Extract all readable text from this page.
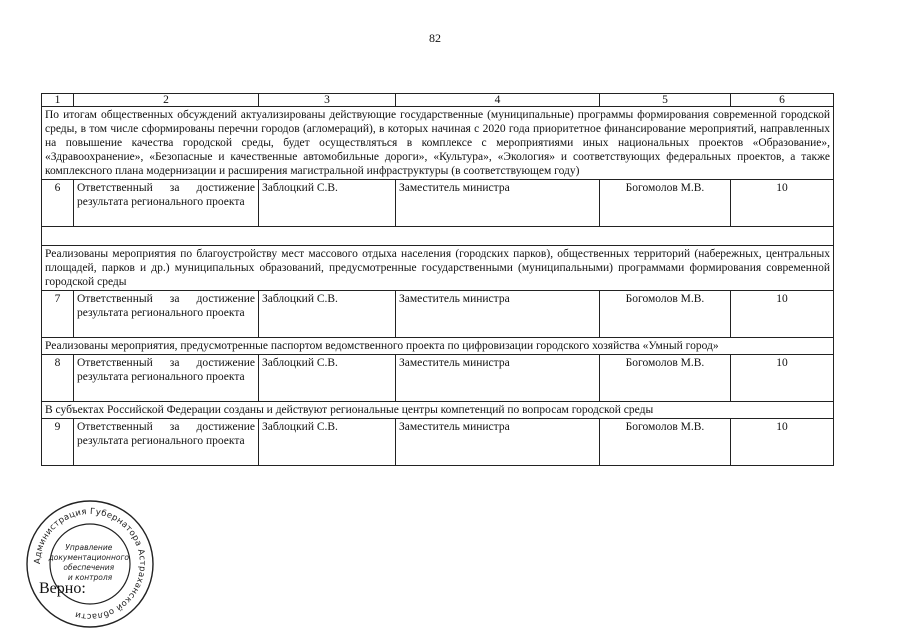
82
1	2	3	4	5	6
По итогам общественных обсуждений актуализированы действующие государственные (муниципальные) программы формирования современной городской среды, в том числе сформированы перечни городов (агломераций), в которых начиная с 2020 года приоритетное финансирование мероприятий, направленных на повышение качества городской среды, будет осуществляться в комплексе с мероприятиями иных национальных проектов «Образование», «Здравоохранение», «Безопасные и качественные автомобильные дороги», «Культура», «Экология» и соответствующих федеральных проектов, а также комплексного плана модернизации и расширения магистральной инфраструктуры (в соответствующем году)					
6	Ответственный за достижение результата регионального проекта	Заблоцкий С.В.	Заместитель министра	Богомолов М.В.	10

Реализованы мероприятия по благоустройству мест массового отдыха населения (городских парков), общественных территорий (набережных, центральных площадей, парков и др.) муниципальных образований, предусмотренные государственными (муниципальными) программами формирования современной городской среды					
7	Ответственный за достижение результата регионального проекта	Заблоцкий С.В.	Заместитель министра	Богомолов М.В.	10
Реализованы мероприятия, предусмотренные паспортом ведомственного проекта по цифровизации городского хозяйства «Умный город»					
8	Ответственный за достижение результата регионального проекта	Заблоцкий С.В.	Заместитель министра	Богомолов М.В.	10
В субъектах Российской Федерации созданы и действуют региональные центры компетенций по вопросам городской среды					
9	Ответственный за достижение результата регионального проекта	Заблоцкий С.В.	Заместитель министра	Богомолов М.В.	10
Администрация Губернатора Астраханской области
Управление документационного обеспечения и контроля
Верно:
